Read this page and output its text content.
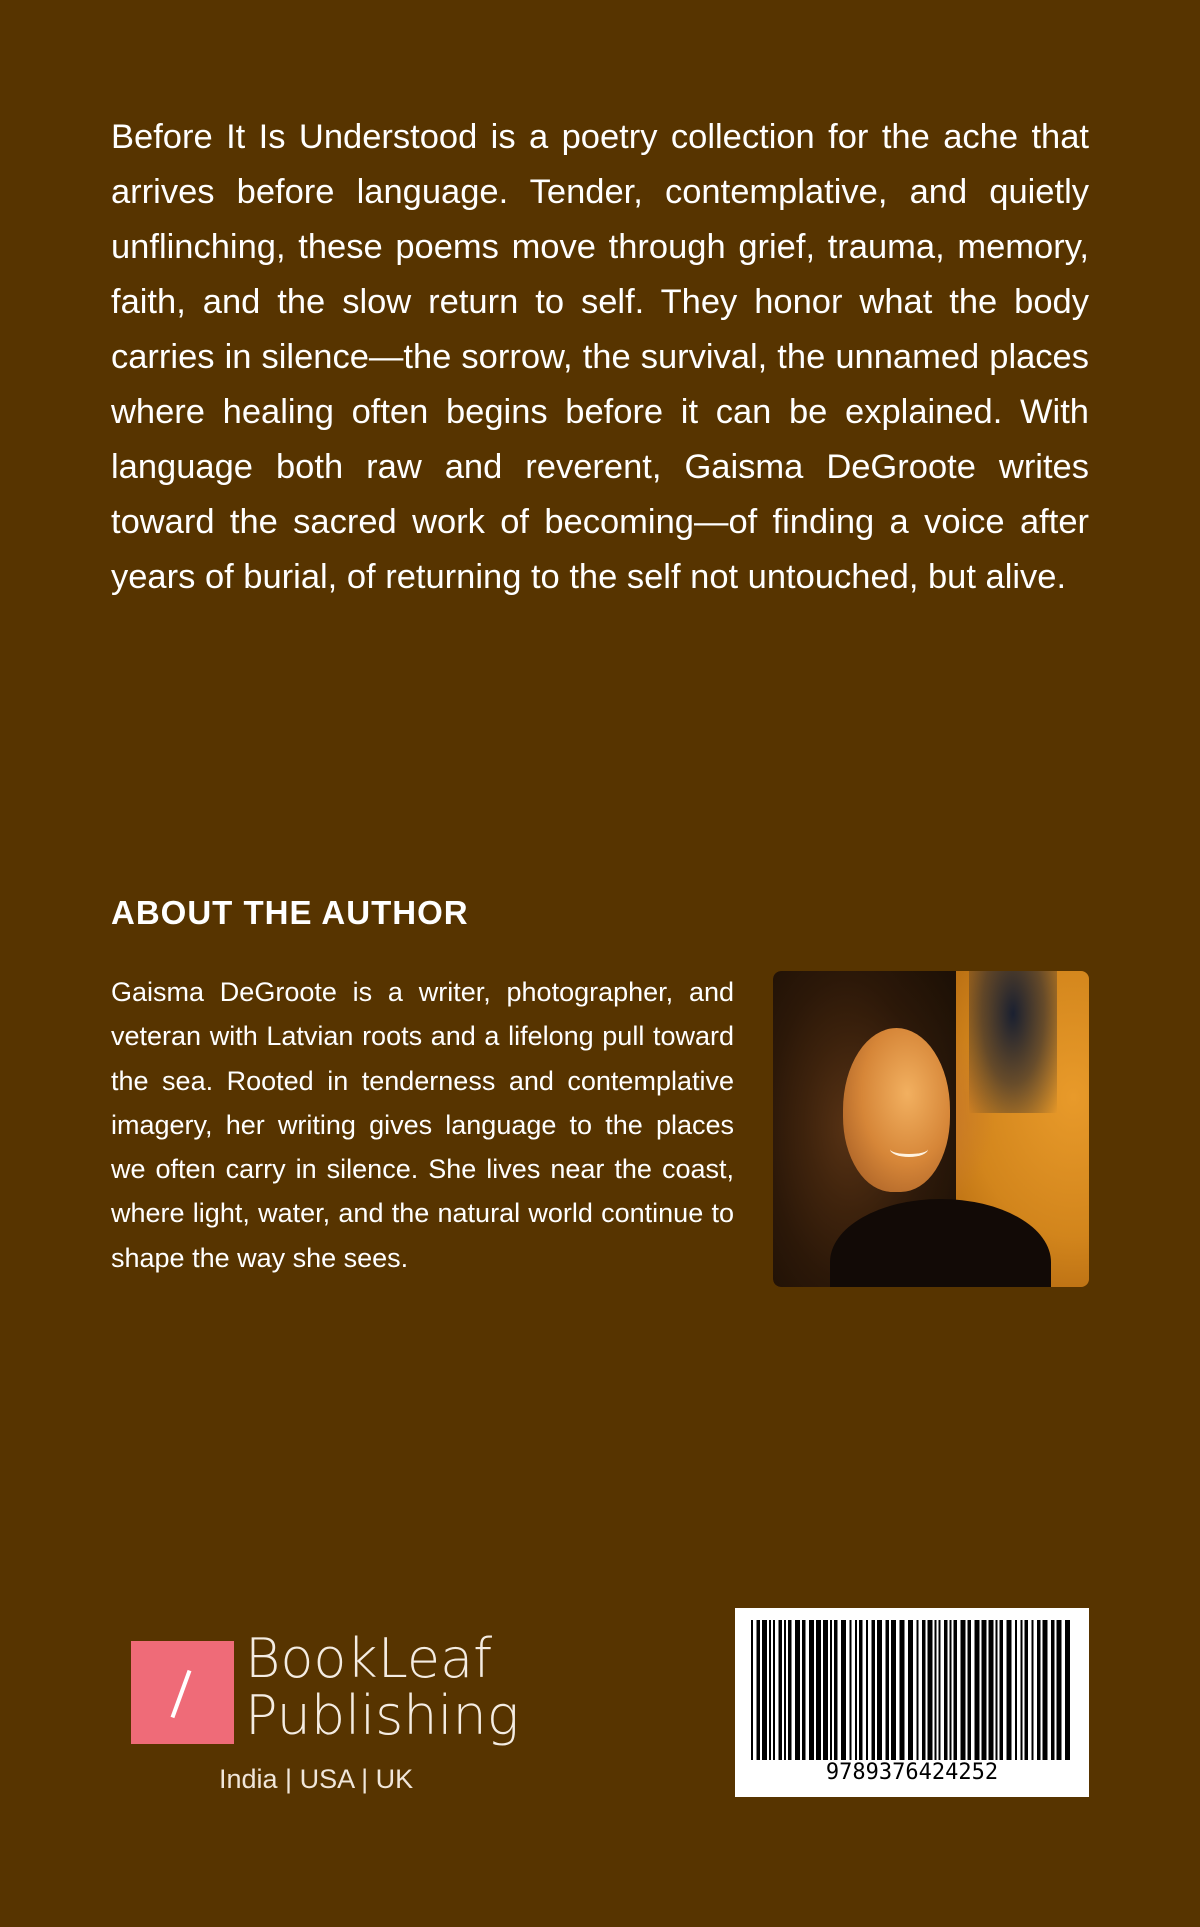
Before It Is Understood is a poetry collection for the ache that arrives before language. Tender, contemplative, and quietly unflinching, these poems move through grief, trauma, memory, faith, and the slow return to self. They honor what the body carries in silence—the sorrow, the survival, the unnamed places where healing often begins before it can be explained. With language both raw and reverent, Gaisma DeGroote writes toward the sacred work of becoming—of finding a voice after years of burial, of returning to the self not untouched, but alive.

ABOUT THE AUTHOR

Gaisma DeGroote is a writer, photographer, and veteran with Latvian roots and a lifelong pull toward the sea. Rooted in tenderness and contemplative imagery, her writing gives language to the places we often carry in silence. She lives near the coast, where light, water, and the natural world continue to shape the way she sees.

BookLeaf
Publishing

India | USA | UK	9789376424252
